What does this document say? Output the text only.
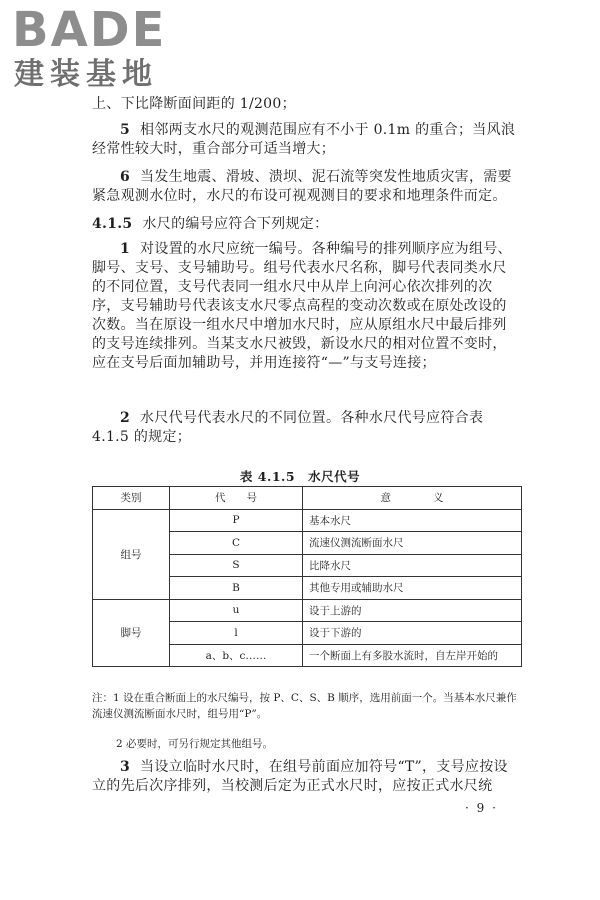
BADE
建装基地

上、下比降断面间距的 1/200；

5 相邻两支水尺的观测范围应有不小于 0.1m 的重合；当风浪经常性较大时，重合部分可适当增大；

6 当发生地震、滑坡、溃坝、泥石流等突发性地质灾害，需要紧急观测水位时，水尺的布设可视观测目的要求和地理条件而定。

4.1.5 水尺的编号应符合下列规定：

1 对设置的水尺应统一编号。各种编号的排列顺序应为组号、脚号、支号、支号辅助号。组号代表水尺名称，脚号代表同类水尺的不同位置，支号代表同一组水尺中从岸上向河心依次排列的次序，支号辅助号代表该支水尺零点高程的变动次数或在原处改设的次数。当在原设一组水尺中增加水尺时，应从原组水尺中最后排列的支号连续排列。当某支水尺被毁，新设水尺的相对位置不变时，应在支号后面加辅助号，并用连接符“—”与支号连接；

2 水尺代号代表水尺的不同位置。各种水尺代号应符合表 4.1.5 的规定；

表 4.1.5　水尺代号
类别	代　　号	意　　　　义
组号	P	基本水尺
	C	流速仪测流断面水尺
	S	比降水尺
	B	其他专用或辅助水尺
脚号	u	设于上游的
	l	设于下游的
	a、b、c……	一个断面上有多股水流时，自左岸开始的
注：1 设在重合断面上的水尺编号，按 P、C、S、B 顺序，选用前面一个。当基本水尺兼作流速仪测流断面水尺时，组号用“P”。
2 必要时，可另行规定其他组号。

3 当设立临时水尺时，在组号前面应加符号“T”，支号应按设立的先后次序排列，当校测后定为正式水尺时，应按正式水尺统

· 9 ·
